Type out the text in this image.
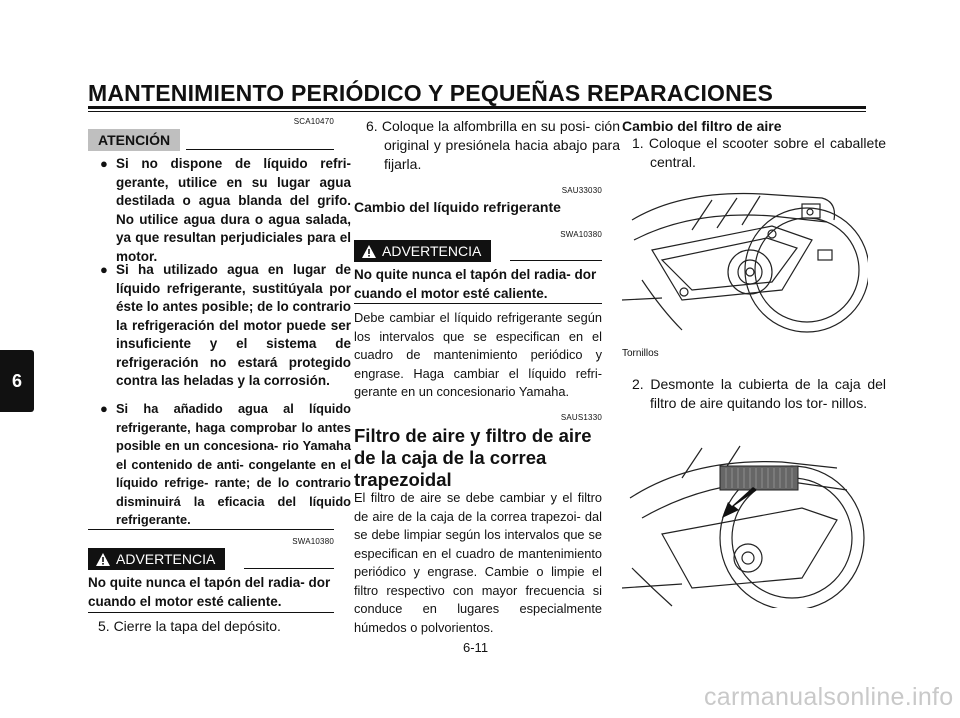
MANTENIMIENTO PERIÓDICO Y PEQUEÑAS REPARACIONES
6
SCA10470
ATENCIÓN
● Si no dispone de líquido refri- gerante, utilice en su lugar agua destilada o agua blanda del grifo. No utilice agua dura o agua salada, ya que resultan perjudiciales para el motor.
● Si ha utilizado agua en lugar de líquido refrigerante, sustitúyala por éste lo antes posible; de lo contrario la refrigeración del motor puede ser insuficiente y el sistema de refrigeración no estará protegido contra las heladas y la corrosión.
● Si ha añadido agua al líquido refrigerante, haga comprobar lo antes posible en un concesiona- rio Yamaha el contenido de anti- congelante en el líquido refrige- rante; de lo contrario disminuirá la eficacia del líquido refrigerante.
SWA10380
ADVERTENCIA
No quite nunca el tapón del radia- dor cuando el motor esté caliente.
5. Cierre la tapa del depósito.
6. Coloque la alfombrilla en su posi- ción original y presiónela hacia abajo para fijarla.
SAU33030
Cambio del líquido refrigerante
SWA10380
ADVERTENCIA
No quite nunca el tapón del radia- dor cuando el motor esté caliente.
Debe cambiar el líquido refrigerante según los intervalos que se especifican en el cuadro de mantenimiento periódico y engrase. Haga cambiar el líquido refri- gerante en un concesionario Yamaha.
SAUS1330
Filtro de aire y filtro de aire de la caja de la correa trapezoidal
El filtro de aire se debe cambiar y el filtro de aire de la caja de la correa trapezoi- dal se debe limpiar según los intervalos que se especifican en el cuadro de mantenimiento periódico y engrase. Cambie o limpie el filtro respectivo con mayor frecuencia si conduce en lugares especialmente húmedos o polvorientos.
Cambio del filtro de aire
1. Coloque el scooter sobre el caballete central.
Tornillos
2. Desmonte la cubierta de la caja del filtro de aire quitando los tor- nillos.
6-11
carmanualsonline.info
